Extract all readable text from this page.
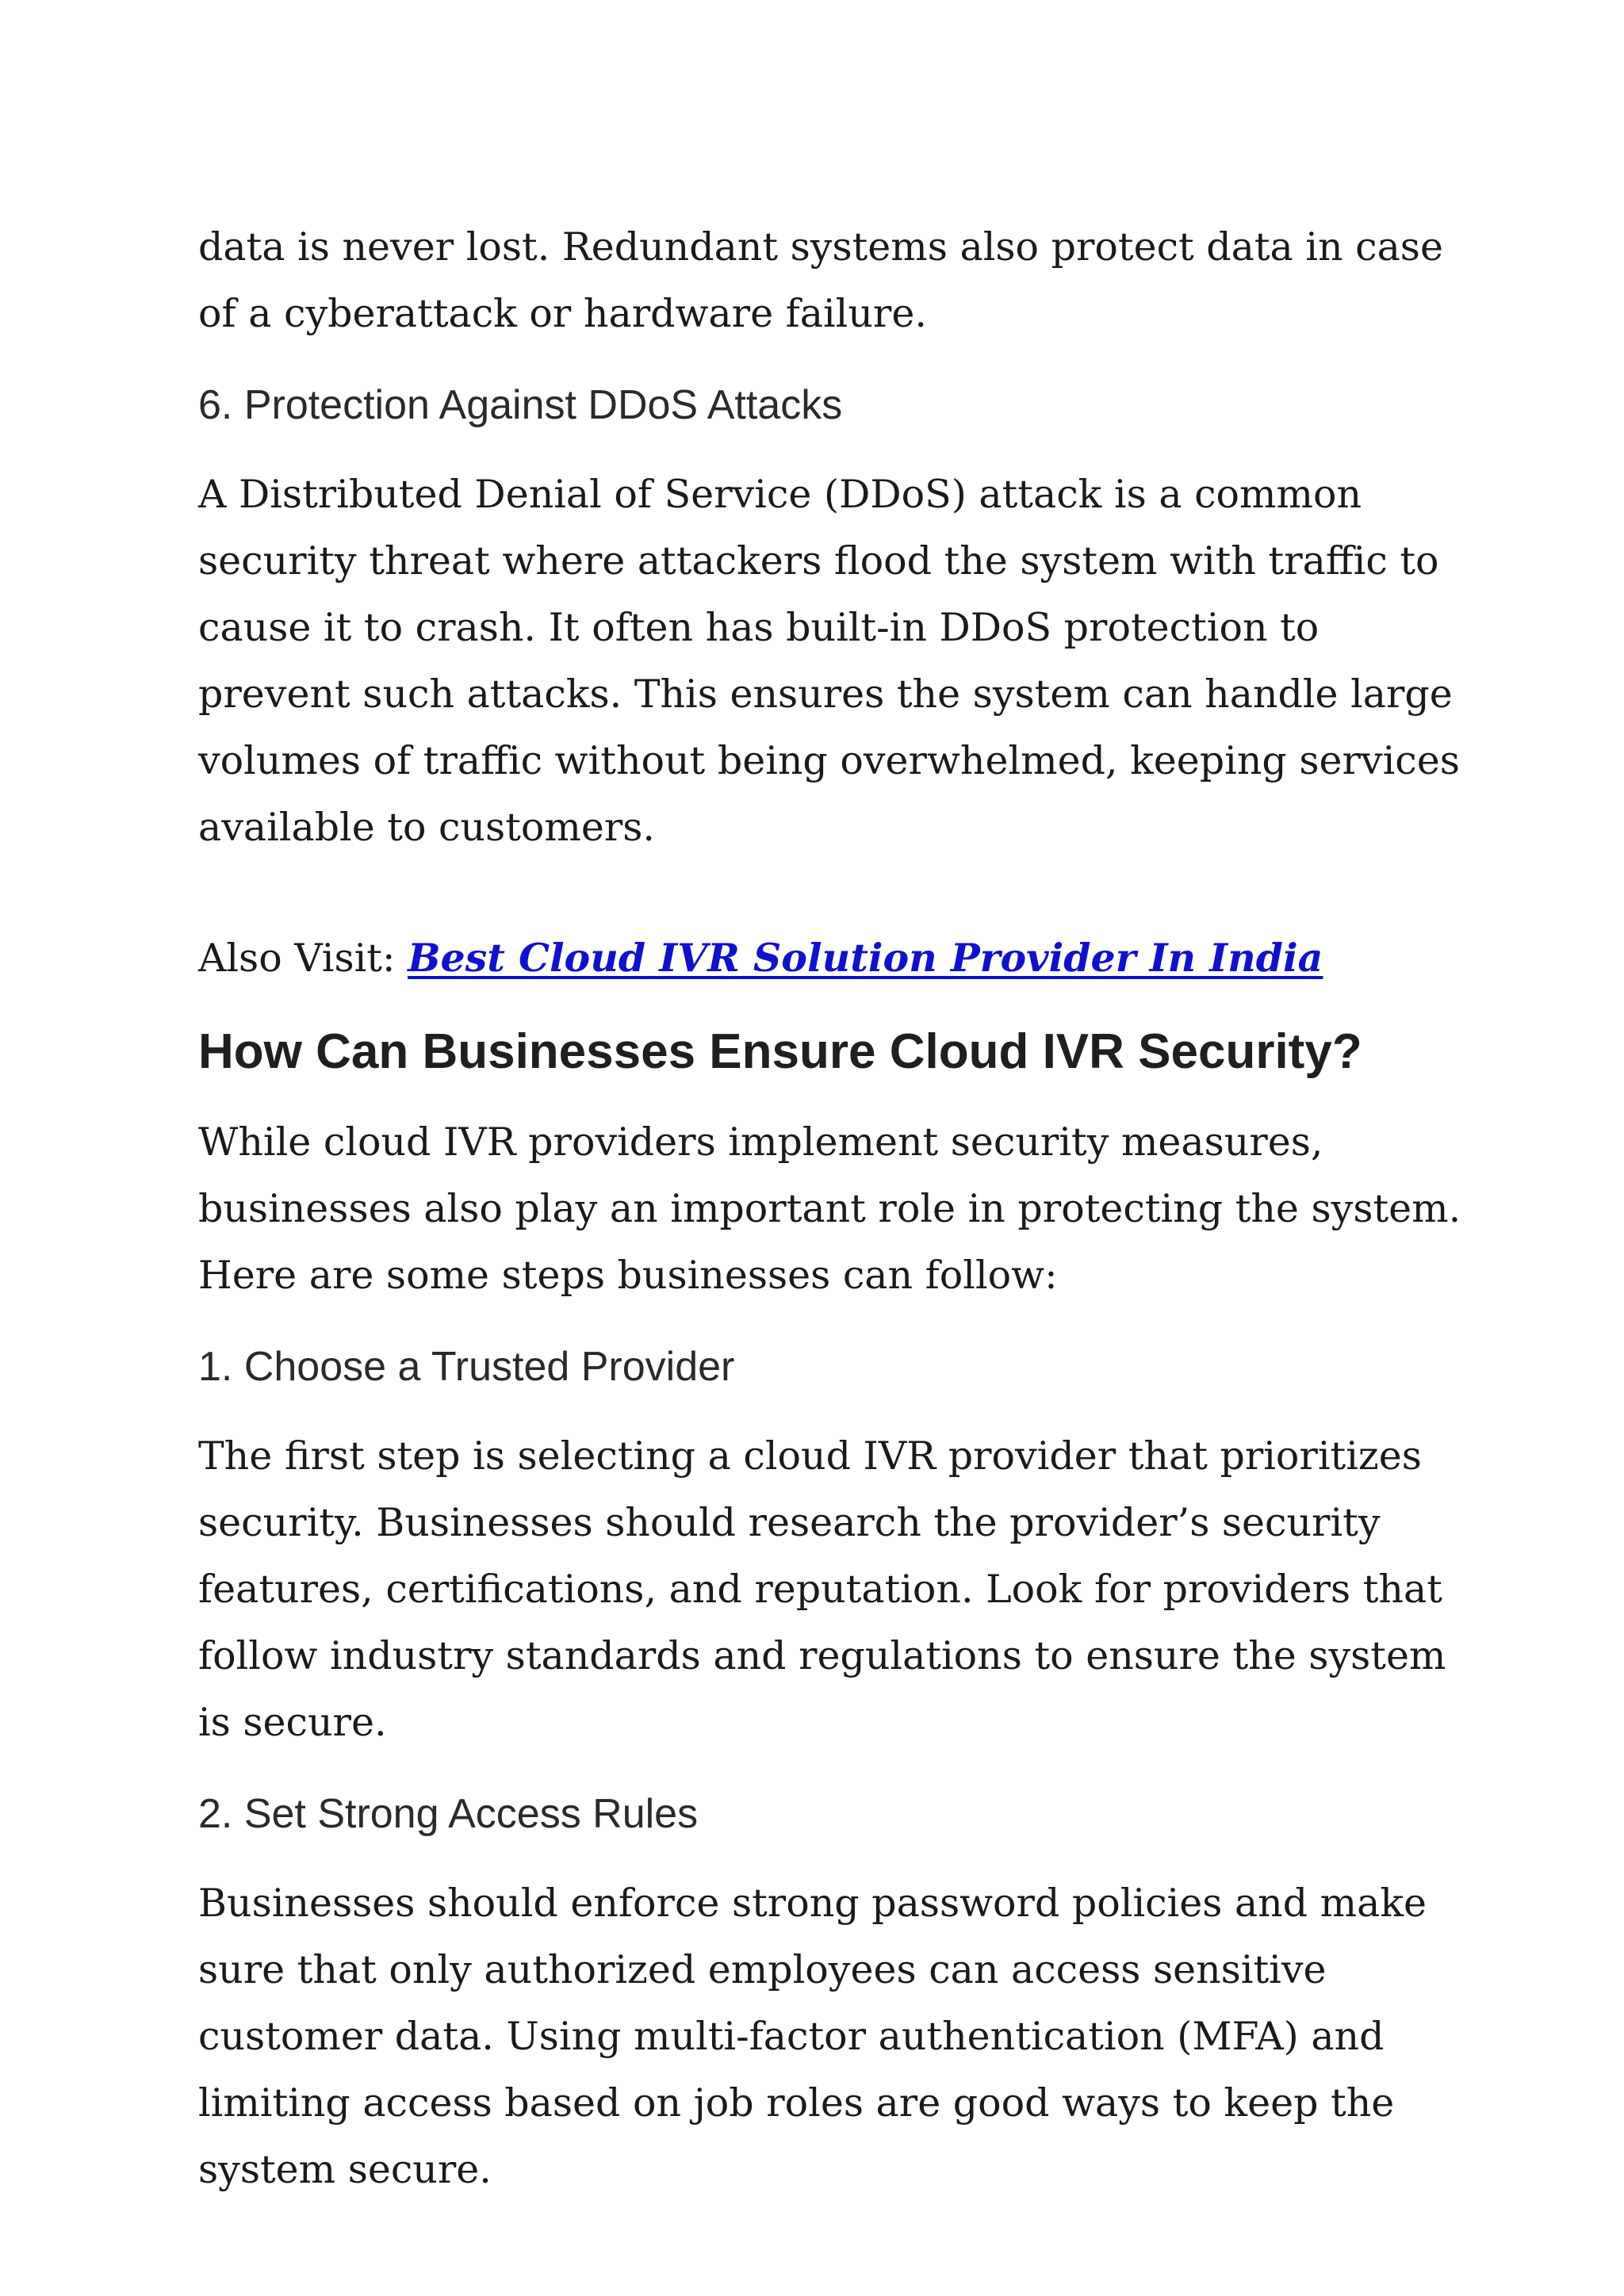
data is never lost. Redundant systems also protect data in case of a cyberattack or hardware failure.

6. Protection Against DDoS Attacks

A Distributed Denial of Service (DDoS) attack is a common security threat where attackers flood the system with traffic to cause it to crash. It often has built-in DDoS protection to prevent such attacks. This ensures the system can handle large volumes of traffic without being overwhelmed, keeping services available to customers.

Also Visit: Best Cloud IVR Solution Provider In India

How Can Businesses Ensure Cloud IVR Security?

While cloud IVR providers implement security measures, businesses also play an important role in protecting the system. Here are some steps businesses can follow:

1. Choose a Trusted Provider

The first step is selecting a cloud IVR provider that prioritizes security. Businesses should research the provider’s security features, certifications, and reputation. Look for providers that follow industry standards and regulations to ensure the system is secure.

2. Set Strong Access Rules

Businesses should enforce strong password policies and make sure that only authorized employees can access sensitive customer data. Using multi-factor authentication (MFA) and limiting access based on job roles are good ways to keep the system secure.
